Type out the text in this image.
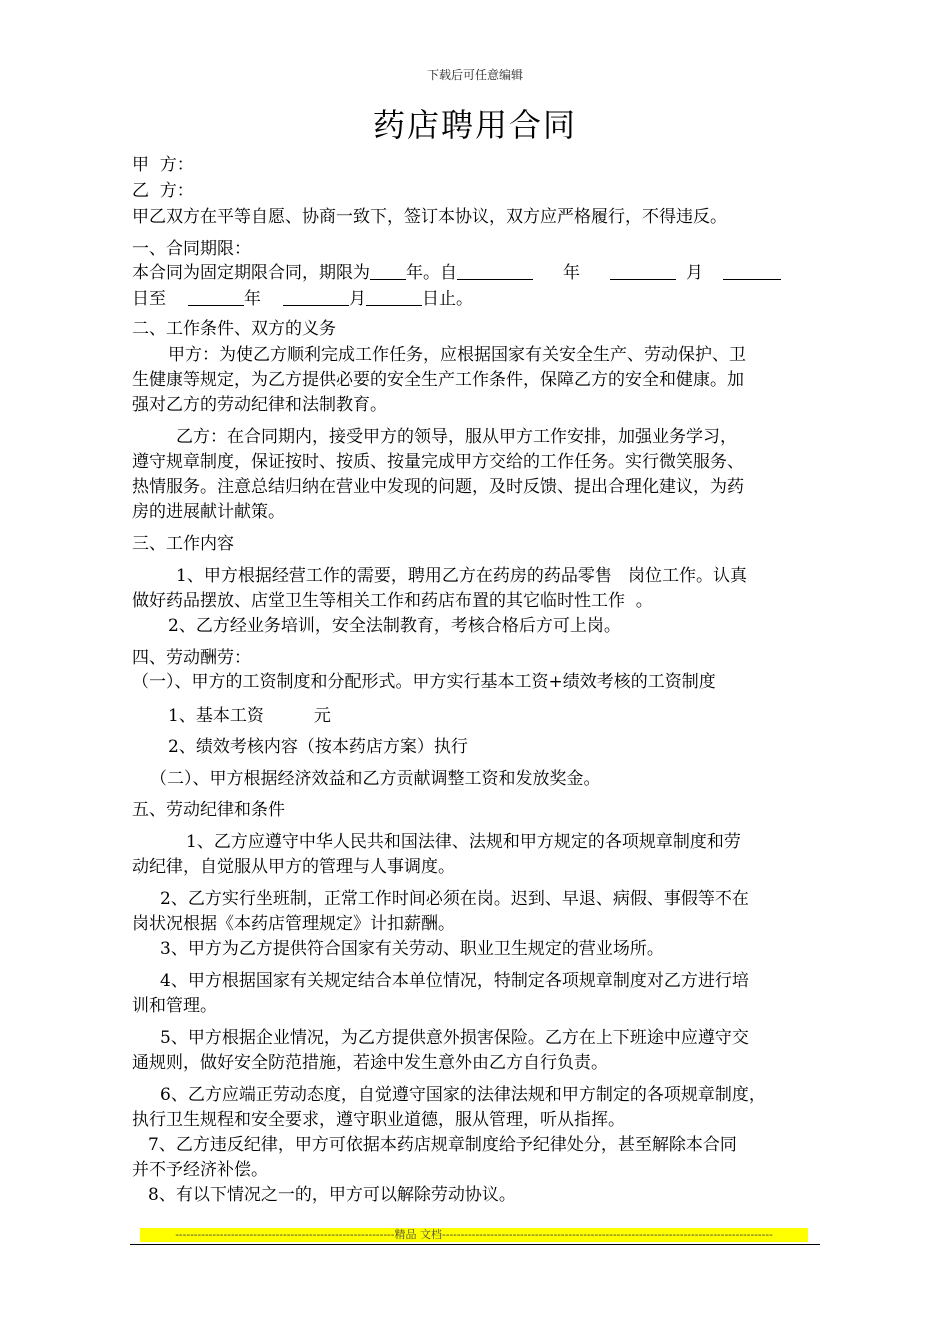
下载后可任意编辑
药店聘用合同
甲  方：
乙  方：
甲乙双方在平等自愿、协商一致下，签订本协议，双方应严格履行，不得违反。
一、合同期限：
本合同为固定期限合同，期限为 年。自	年	月
日至	年	月	日止。
二、工作条件、双方的义务
甲方：为使乙方顺利完成工作任务，应根据国家有关安全生产、劳动保护、卫
生健康等规定，为乙方提供必要的安全生产工作条件，保障乙方的安全和健康。加
强对乙方的劳动纪律和法制教育。
乙方：在合同期内，接受甲方的领导，服从甲方工作安排，加强业务学习，
遵守规章制度，保证按时、按质、按量完成甲方交给的工作任务。实行微笑服务、
热情服务。注意总结归纳在营业中发现的问题，及时反馈、提出合理化建议，为药
房的进展献计献策。
三、工作内容
1、甲方根据经营工作的需要，聘用乙方在药房的药品零售   岗位工作。认真
做好药品摆放、店堂卫生等相关工作和药店布置的其它临时性工作  。
2、乙方经业务培训，安全法制教育，考核合格后方可上岗。
四、劳动酬劳：
（一）、甲方的工资制度和分配形式。甲方实行基本工资+绩效考核的工资制度
1、基本工资	元
2、绩效考核内容（按本药店方案）执行
（二）、甲方根据经济效益和乙方贡献调整工资和发放奖金。
五、劳动纪律和条件
1、乙方应遵守中华人民共和国法律、法规和甲方规定的各项规章制度和劳
动纪律，自觉服从甲方的管理与人事调度。
2、乙方实行坐班制，正常工作时间必须在岗。迟到、早退、病假、事假等不在
岗状况根据《本药店管理规定》计扣薪酬。
3、甲方为乙方提供符合国家有关劳动、职业卫生规定的营业场所。
4、甲方根据国家有关规定结合本单位情况，特制定各项规章制度对乙方进行培
训和管理。
5、甲方根据企业情况，为乙方提供意外损害保险。乙方在上下班途中应遵守交
通规则，做好安全防范措施，若途中发生意外由乙方自行负责。
6、乙方应端正劳动态度，自觉遵守国家的法律法规和甲方制定的各项规章制度，
执行卫生规程和安全要求，遵守职业道德，服从管理，听从指挥。
7、乙方违反纪律，甲方可依据本药店规章制度给予纪律处分，甚至解除本合同
并不予经济补偿。
8、有以下情况之一的，甲方可以解除劳动协议。
-----------------------------------------------------------精品 文档-----------------------------------------------------------------------------------------
